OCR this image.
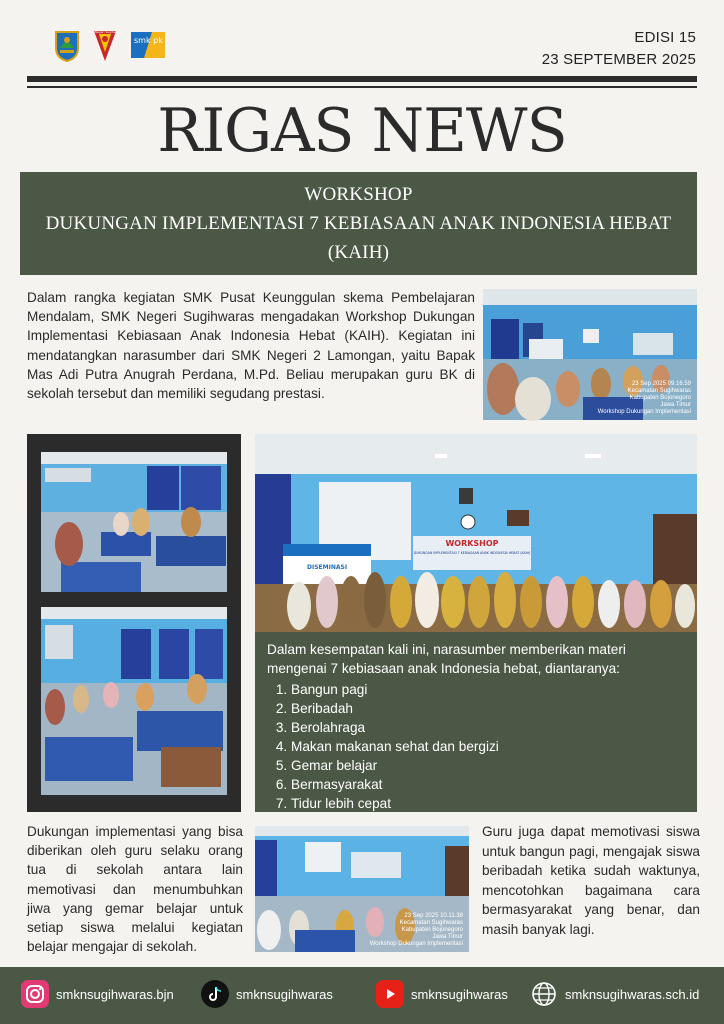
SMK Negeri Sugihwaras
smk pk	EDISI 15
23 SEPTEMBER 2025
RIGAS NEWS
WORKSHOP
DUKUNGAN IMPLEMENTASI 7 KEBIASAAN ANAK INDONESIA HEBAT
(KAIH)

Dalam rangka kegiatan SMK Pusat Keunggulan skema Pembelajaran Mendalam, SMK Negeri Sugihwaras mengadakan Workshop Dukungan Implementasi Kebiasaan Anak Indonesia Hebat (KAIH). Kegiatan ini mendatangkan narasumber dari SMK Negeri 2 Lamongan, yaitu Bapak Mas Adi Putra Anugrah Perdana, M.Pd. Beliau merupakan guru BK di sekolah tersebut dan memiliki segudang prestasi.

23 Sep 2025 09.16.59
Kecamatan Sugihwaras
Kabupaten Bojonegoro
Jawa Timur
Workshop Dukungan Implementasi
WORKSHOP
DUKUNGAN IMPLEMENTASI 7 KEBIASAAN ANAK INDONESIA HEBAT (KAIH)
DISEMINASI

Dalam kesempatan kali ini, narasumber memberikan materi mengenai 7 kebiasaan anak Indonesia hebat, diantaranya:

1. Bangun pagi
2. Beribadah
3. Berolahraga
4. Makan makanan sehat dan bergizi
5. Gemar belajar
6. Bermasyarakat
7. Tidur lebih cepat

Dukungan implementasi yang bisa diberikan oleh guru selaku orang tua di sekolah antara lain memotivasi dan menumbuhkan jiwa yang gemar belajar untuk setiap siswa melalui kegiatan belajar mengajar di sekolah.

23 Sep 2025 10.11.38
Kecamatan Sugihwaras
Kabupaten Bojonegoro
Jawa Timur
Workshop Dukungan Implementasi

Guru juga dapat memotivasi siswa untuk bangun pagi, mengajak siswa beribadah ketika sudah waktunya, mencotohkan bagaimana cara bermasyarakat yang benar, dan masih banyak lagi.

smknsugihwaras.bjn	smknsugihwaras	smknsugihwaras	smknsugihwaras.sch.id
